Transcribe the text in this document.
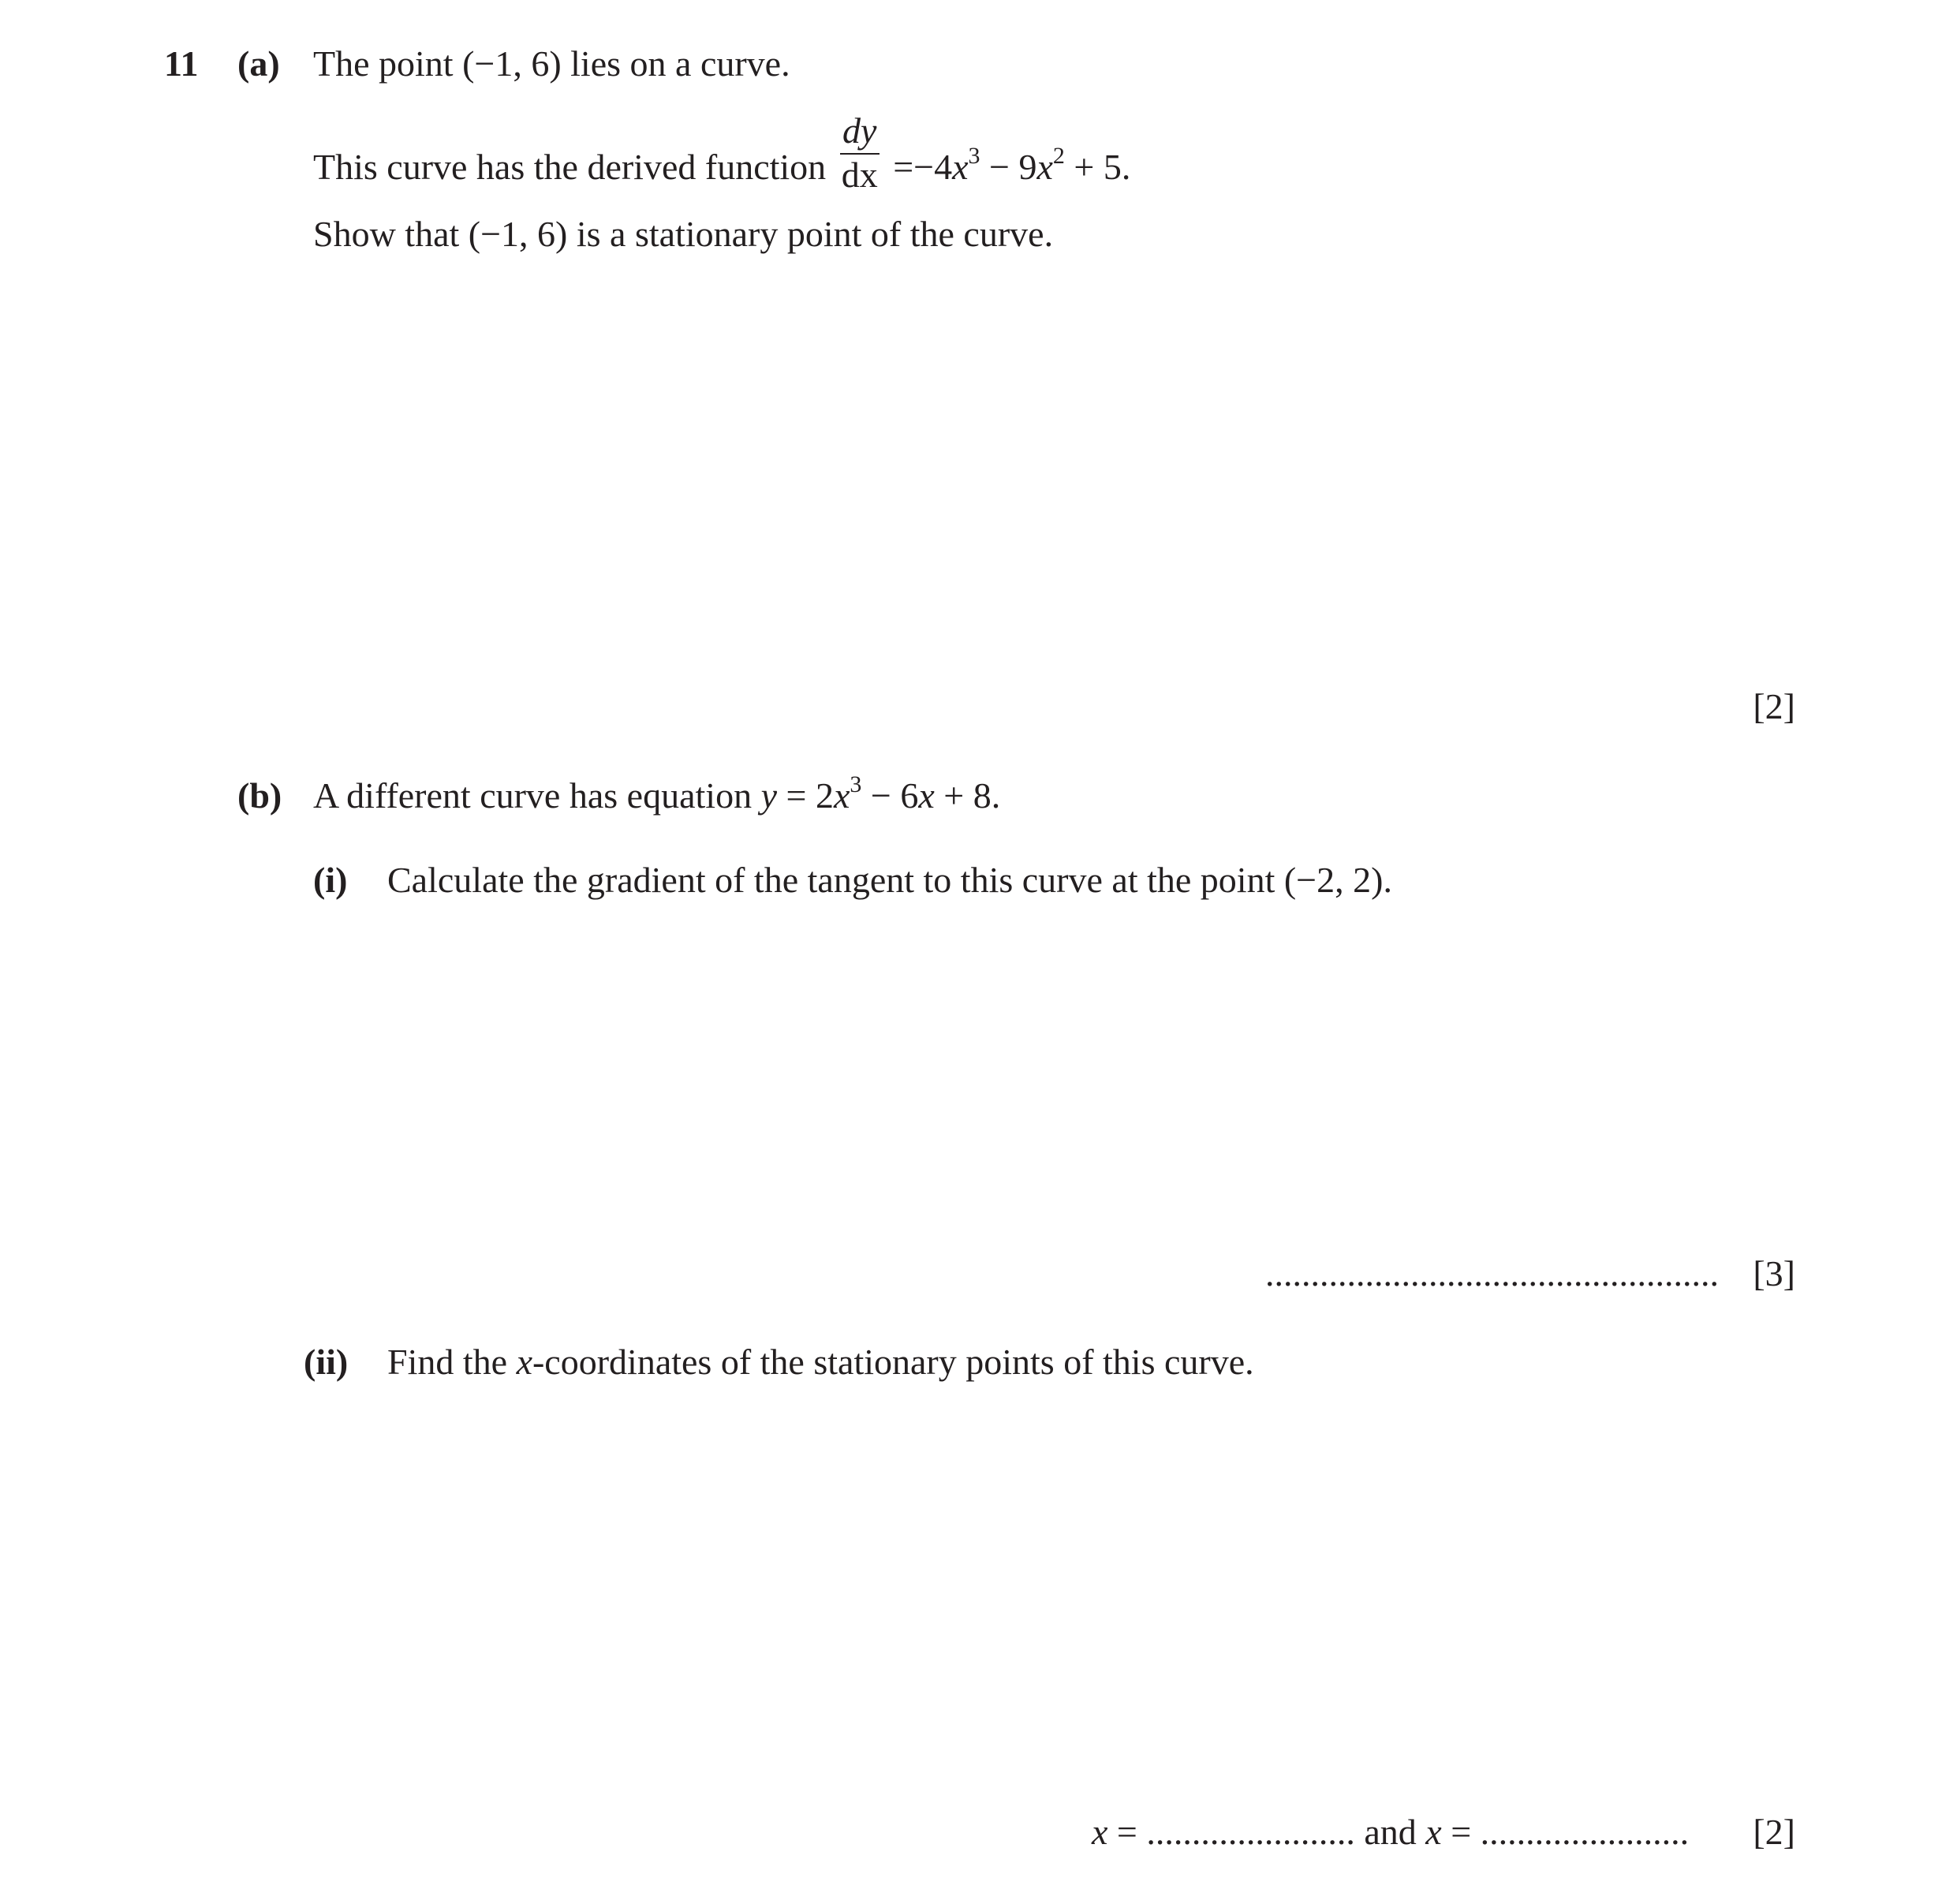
11 (a) The point (−1, 6) lies on a curve.
This curve has the derived function $\frac{dy}{dx} =-4x^3 - 9x^2 + 5$.
Show that (−1, 6) is a stationary point of the curve.
[2]
(b) A different curve has equation $y = 2x^3 - 6x + 8$.
(i) Calculate the gradient of the tangent to this curve at the point (−2, 2).
.................................................. [3]
(ii) Find the x-coordinates of the stationary points of this curve.
x = ....................... and x = ....................... [2]
